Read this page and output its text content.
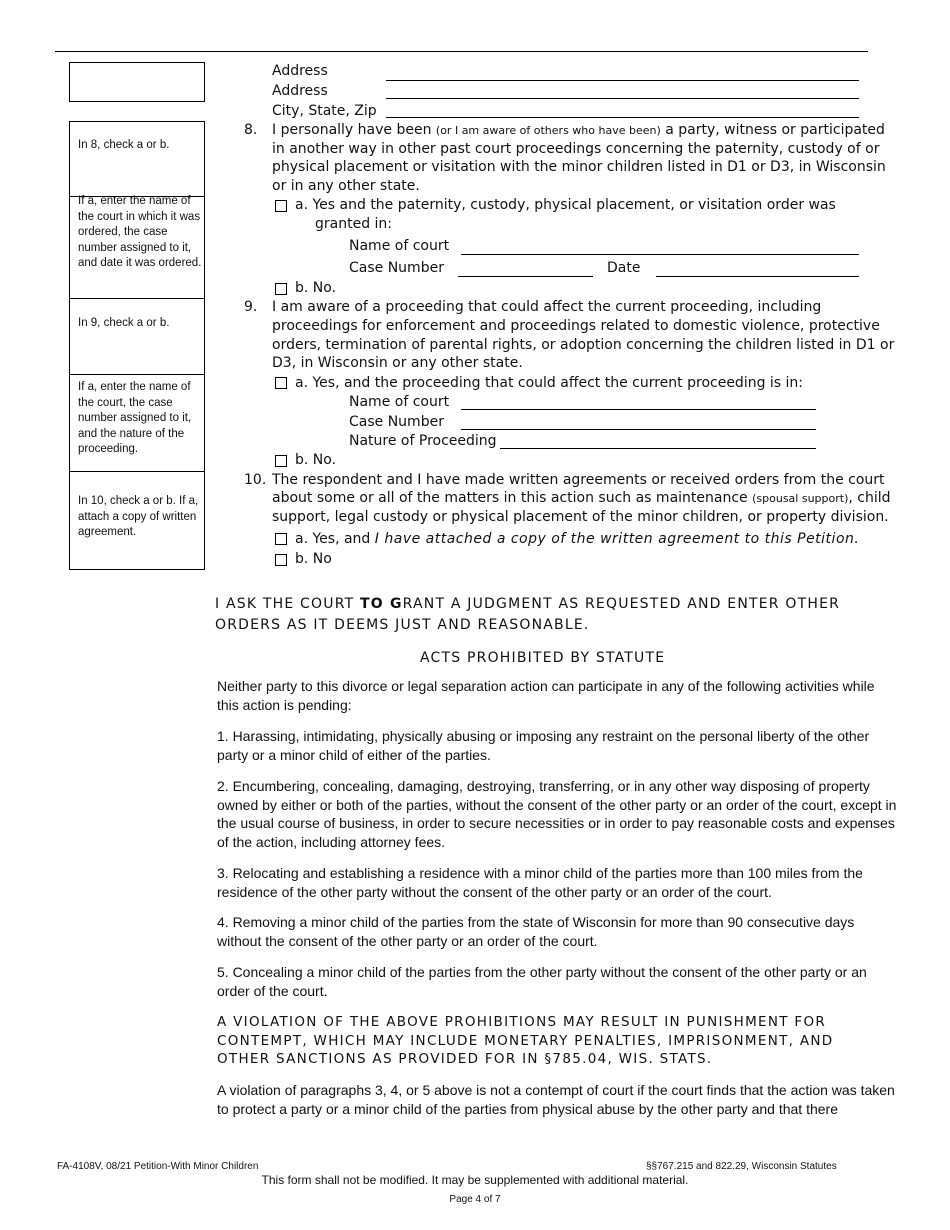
In 8, check a or b.
If a, enter the name of the court in which it was ordered, the case number assigned to it, and date it was ordered.
In 9, check a or b.
If a, enter the name of the court, the case number assigned to it, and the nature of the proceeding.
In 10, check a or b. If a, attach a copy of written agreement.
Address
Address
City, State, Zip
8. I personally have been (or I am aware of others who have been) a party, witness or participated
in another way in other past court proceedings concerning the paternity, custody of or
physical placement or visitation with the minor children listed in D1 or D3, in Wisconsin
or in any other state.
a. Yes and the paternity, custody, physical placement, or visitation order was
granted in:
Name of court
Case Number	Date
b. No.
9. I am aware of a proceeding that could affect the current proceeding, including
proceedings for enforcement and proceedings related to domestic violence, protective
orders, termination of parental rights, or adoption concerning the children listed in D1 or
D3, in Wisconsin or any other state.
a. Yes, and the proceeding that could affect the current proceeding is in:
Name of court
Case Number
Nature of Proceeding
b. No.
10. The respondent and I have made written agreements or received orders from the court
about some or all of the matters in this action such as maintenance (spousal support), child
support, legal custody or physical placement of the minor children, or property division.
a. Yes, and I have attached a copy of the written agreement to this Petition.
b. No
I ASK THE COURT TO GRANT A JUDGMENT AS REQUESTED AND ENTER OTHER
ORDERS AS IT DEEMS JUST AND REASONABLE.
ACTS PROHIBITED BY STATUTE
Neither party to this divorce or legal separation action can participate in any of the following activities while this action is pending:
1. Harassing, intimidating, physically abusing or imposing any restraint on the personal liberty of the other party or a minor child of either of the parties.
2. Encumbering, concealing, damaging, destroying, transferring, or in any other way disposing of property owned by either or both of the parties, without the consent of the other party or an order of the court, except in the usual course of business, in order to secure necessities or in order to pay reasonable costs and expenses of the action, including attorney fees.
3. Relocating and establishing a residence with a minor child of the parties more than 100 miles from the residence of the other party without the consent of the other party or an order of the court.
4. Removing a minor child of the parties from the state of Wisconsin for more than 90 consecutive days without the consent of the other party or an order of the court.
5. Concealing a minor child of the parties from the other party without the consent of the other party or an order of the court.
A VIOLATION OF THE ABOVE PROHIBITIONS MAY RESULT IN PUNISHMENT FOR CONTEMPT, WHICH MAY INCLUDE MONETARY PENALTIES, IMPRISONMENT, AND OTHER SANCTIONS AS PROVIDED FOR IN §785.04, WIS. STATS.
A violation of paragraphs 3, 4, or 5 above is not a contempt of court if the court finds that the action was taken to protect a party or a minor child of the parties from physical abuse by the other party and that there
FA-4108V, 08/21 Petition-With Minor Children	§§767.215 and 822.29, Wisconsin Statutes
This form shall not be modified. It may be supplemented with additional material.
Page 4 of 7
